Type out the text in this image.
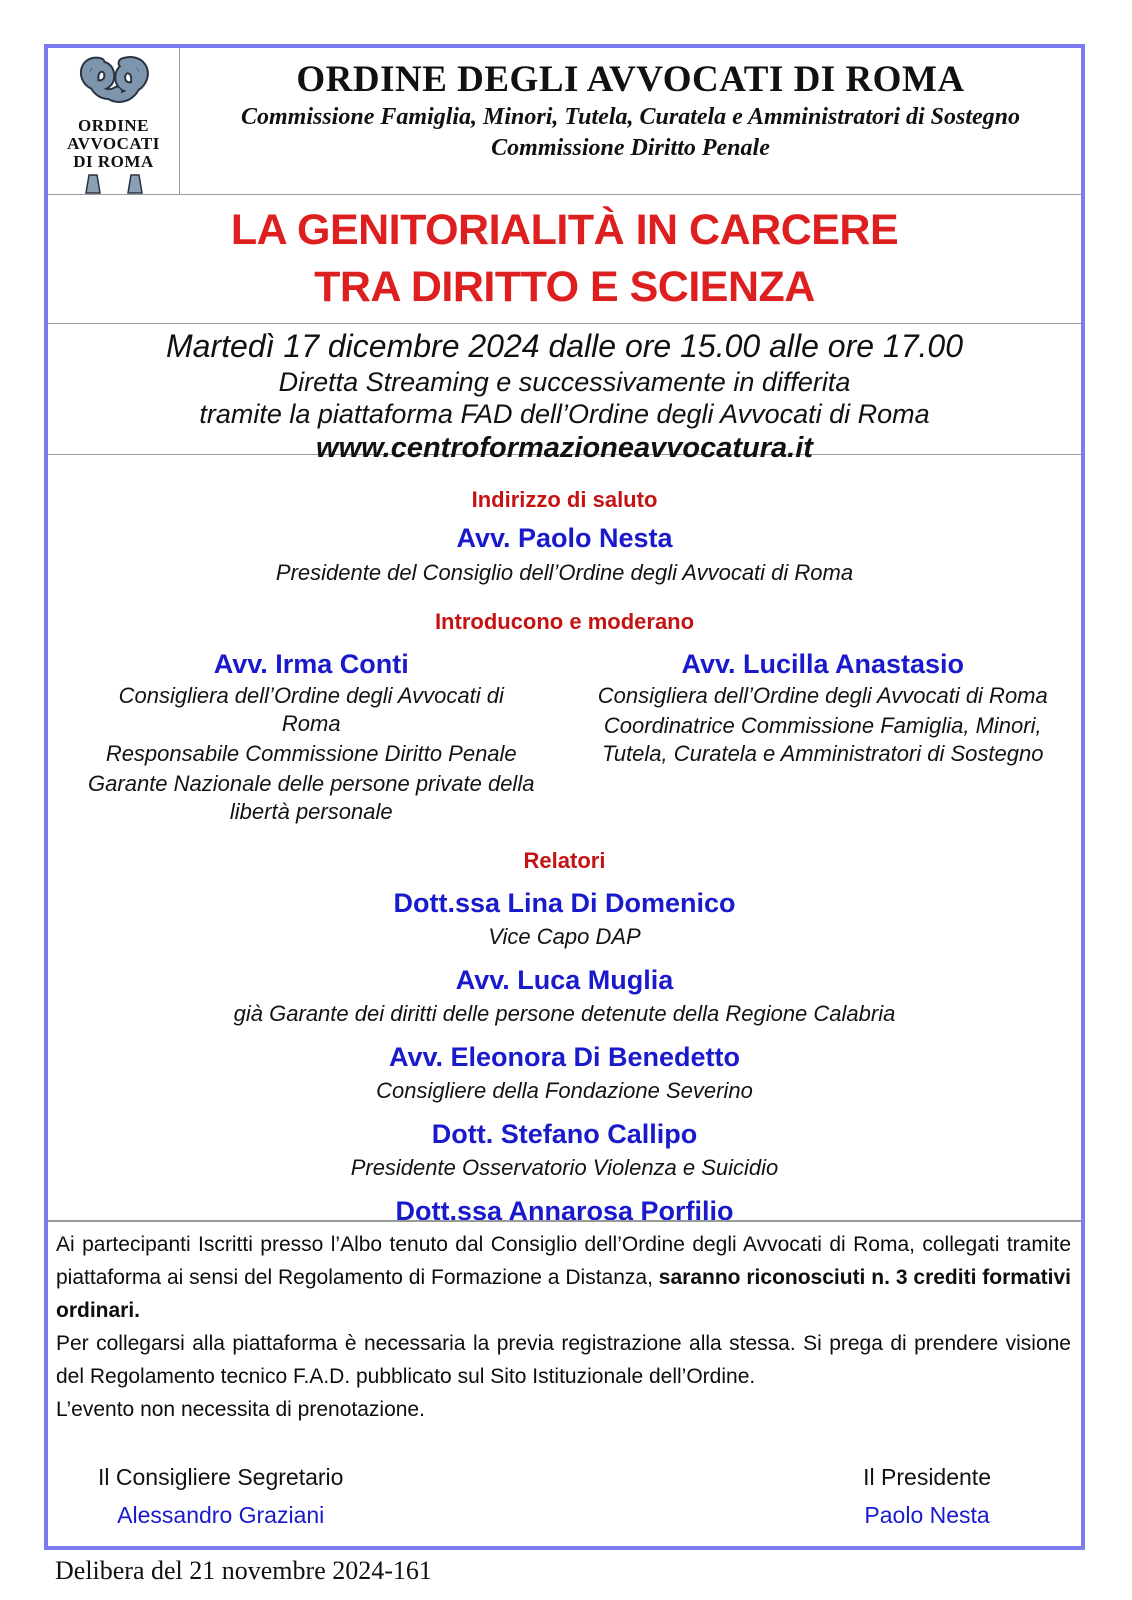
ORDINE
AVVOCATI
DI ROMA
ORDINE DEGLI AVVOCATI DI ROMA
Commissione Famiglia, Minori, Tutela, Curatela e Amministratori di Sostegno
Commissione Diritto Penale
LA GENITORIALITÀ IN CARCERE
TRA DIRITTO E SCIENZA
Martedì 17 dicembre 2024 dalle ore 15.00 alle ore 17.00
Diretta Streaming e successivamente in differita
tramite la piattaforma FAD dell’Ordine degli Avvocati di Roma
www.centroformazioneavvocatura.it
Indirizzo di saluto
Avv. Paolo Nesta
Presidente del Consiglio dell’Ordine degli Avvocati di Roma
Introducono e moderano
Avv. Irma Conti
Consigliera dell’Ordine degli Avvocati di Roma
Responsabile Commissione Diritto Penale
Garante Nazionale delle persone private della libertà personale
Avv. Lucilla Anastasio
Consigliera dell’Ordine degli Avvocati di Roma
Coordinatrice Commissione Famiglia, Minori, Tutela, Curatela e Amministratori di Sostegno
Relatori
Dott.ssa Lina Di Domenico
Vice Capo DAP
Avv. Luca Muglia
già Garante dei diritti delle persone detenute della Regione Calabria
Avv. Eleonora Di Benedetto
Consigliere della Fondazione Severino
Dott. Stefano Callipo
Presidente Osservatorio Violenza e Suicidio
Dott.ssa Annarosa Porfilio
Ai partecipanti Iscritti presso l’Albo tenuto dal Consiglio dell’Ordine degli Avvocati di Roma, collegati tramite piattaforma ai sensi del Regolamento di Formazione a Distanza, saranno riconosciuti n. 3 crediti formativi ordinari.
Per collegarsi alla piattaforma è necessaria la previa registrazione alla stessa. Si prega di prendere visione del Regolamento tecnico F.A.D. pubblicato sul Sito Istituzionale dell’Ordine.
L’evento non necessita di prenotazione.
Il Consigliere Segretario
Alessandro Graziani
Il Presidente
Paolo Nesta
Delibera del 21 novembre 2024-161
